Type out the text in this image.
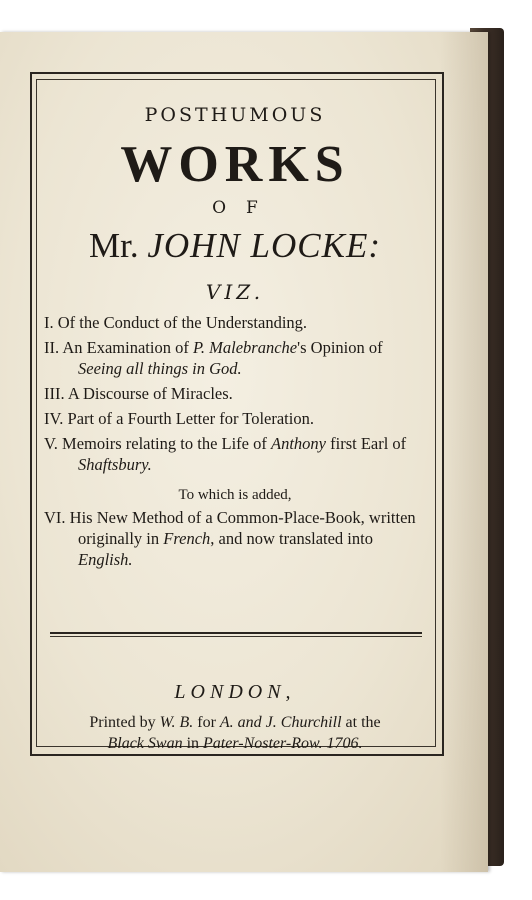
POSTHUMOUS
WORKS
OF
Mr. JOHN LOCKE:
VIZ.
I. Of the Conduct of the Understanding.
II. An Examination of P. Malebranche's Opinion of Seeing all things in God.
III. A Discourse of Miracles.
IV. Part of a Fourth Letter for Toleration.
V. Memoirs relating to the Life of Anthony first Earl of Shaftsbury.
To which is added,
VI. His New Method of a Common-Place-Book, written originally in French, and now translated into English.
LONDON,
Printed by W. B. for A. and J. Churchill at the
Black Swan in Pater-Noster-Row. 1706.
